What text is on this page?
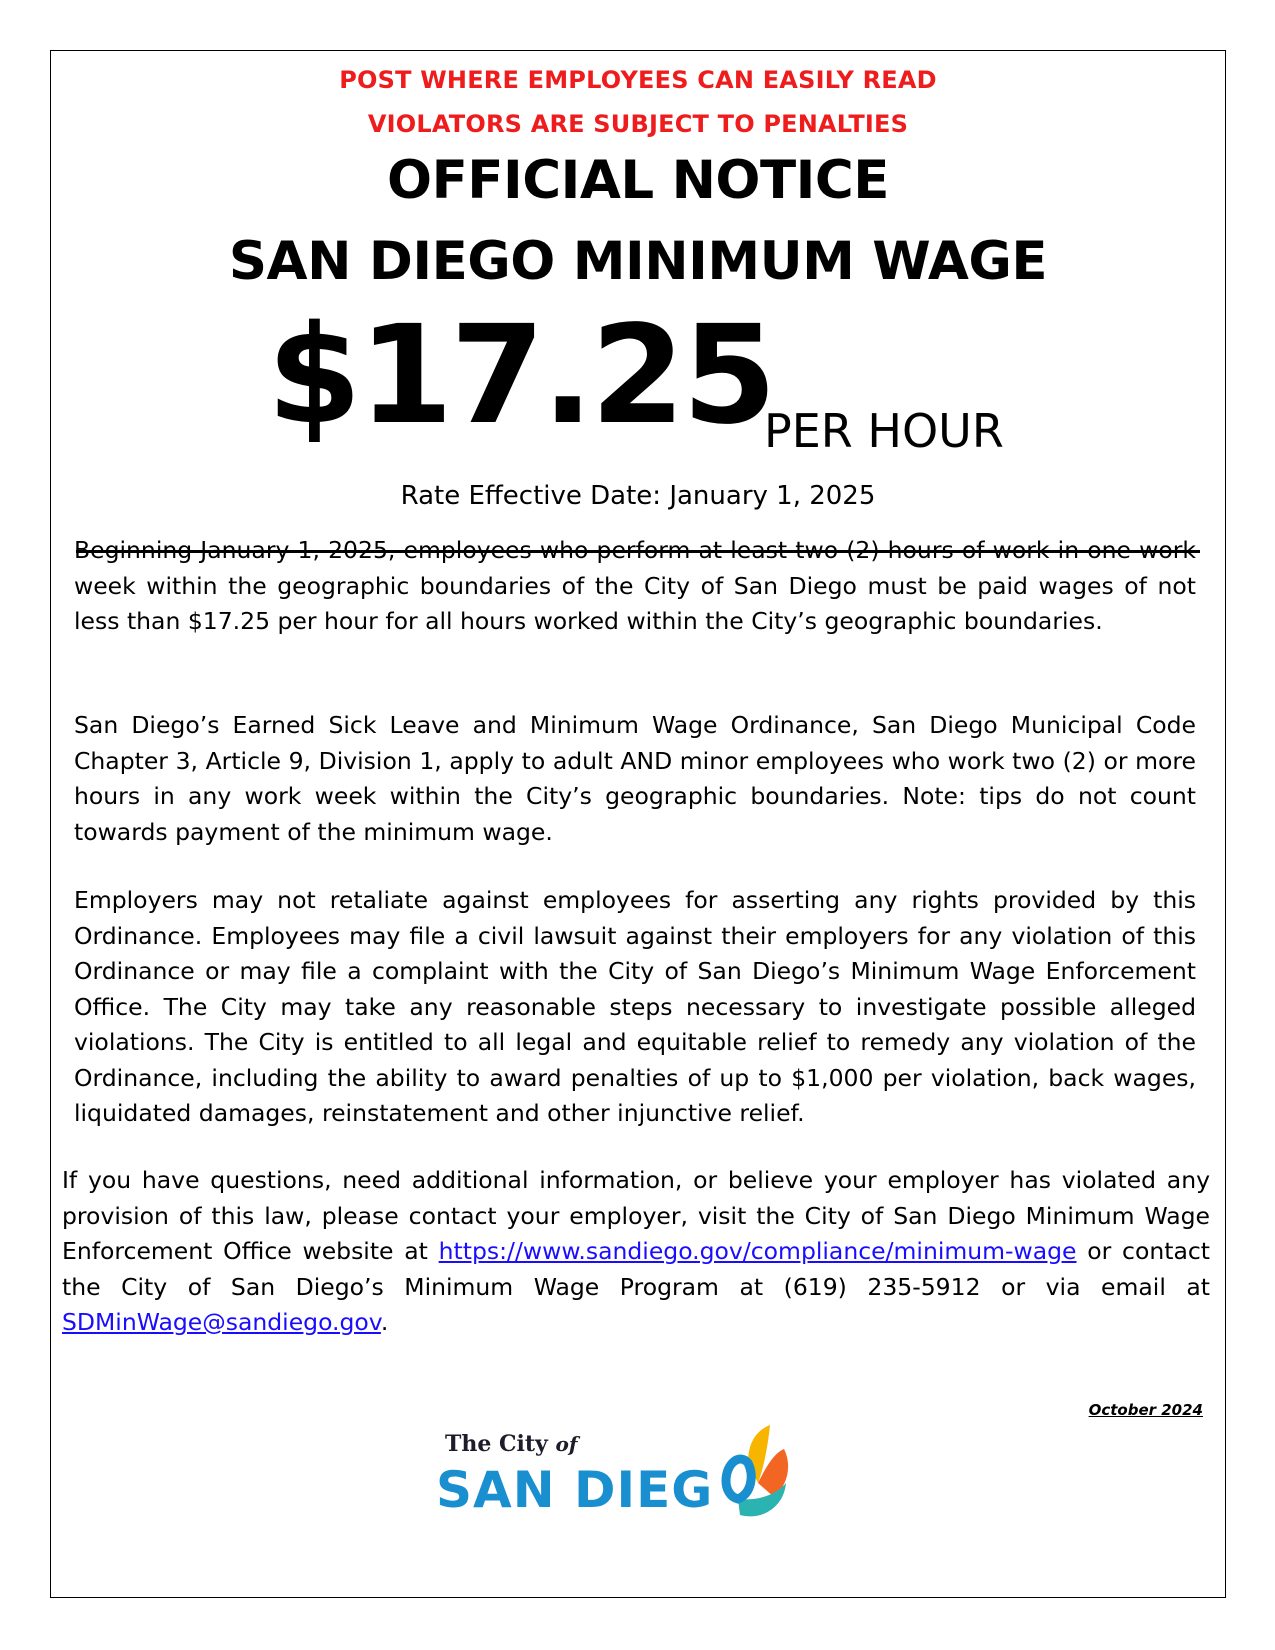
POST WHERE EMPLOYEES CAN EASILY READ
VIOLATORS ARE SUBJECT TO PENALTIES
OFFICIAL NOTICE
SAN DIEGO MINIMUM WAGE
$17.25
PER HOUR
Rate Effective Date: January 1, 2025
Beginning January 1, 2025, employees who perform at least two (2) hours of work in one work week within the geographic boundaries of the City of San Diego must be paid wages of not less than $17.25 per hour for all hours worked within the City’s geographic boundaries.
San Diego’s Earned Sick Leave and Minimum Wage Ordinance, San Diego Municipal Code Chapter 3, Article 9, Division 1, apply to adult AND minor employees who work two (2) or more hours in any work week within the City’s geographic boundaries. Note: tips do not count towards payment of the minimum wage.
Employers may not retaliate against employees for asserting any rights provided by this Ordinance. Employees may file a civil lawsuit against their employers for any violation of this Ordinance or may file a complaint with the City of San Diego’s Minimum Wage Enforcement Office. The City may take any reasonable steps necessary to investigate possible alleged violations. The City is entitled to all legal and equitable relief to remedy any violation of the Ordinance, including the ability to award penalties of up to $1,000 per violation, back wages, liquidated damages, reinstatement and other injunctive relief.
If you have questions, need additional information, or believe your employer has violated any provision of this law, please contact your employer, visit the City of San Diego Minimum Wage Enforcement Office website at https://www.sandiego.gov/compliance/minimum-wage or contact the City of San Diego’s Minimum Wage Program at (619) 235-5912 or via email at SDMinWage@sandiego.gov.
October 2024
The City of
SAN DIEG
